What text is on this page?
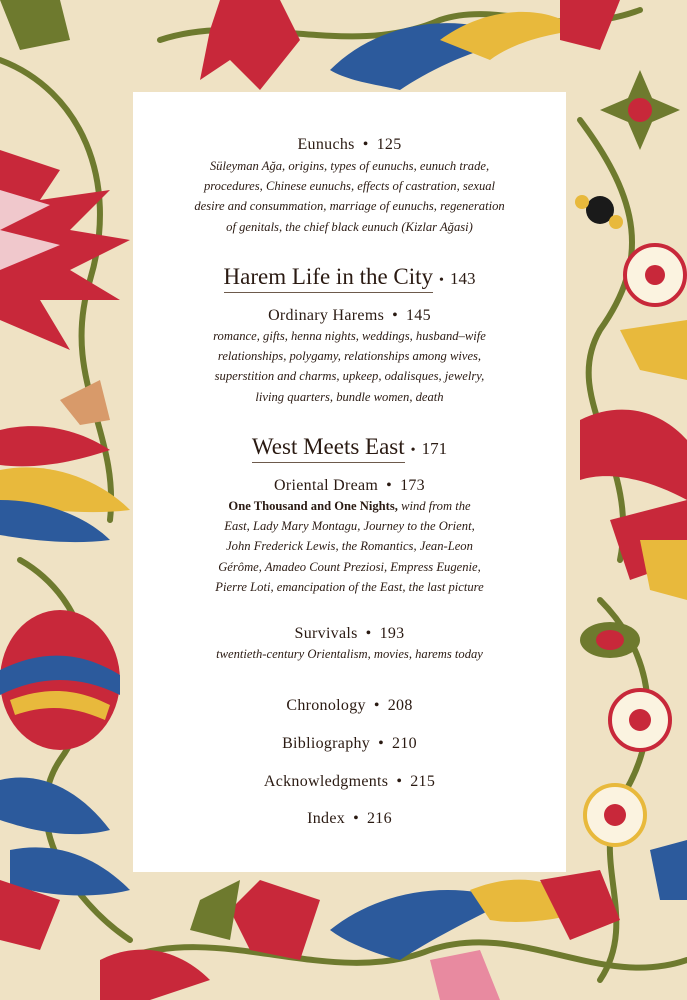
Eunuchs • 125
Süleyman Ağa, origins, types of eunuchs, eunuch trade,
procedures, Chinese eunuchs, effects of castration, sexual
desire and consummation, marriage of eunuchs, regeneration
of genitals, the chief black eunuch (Kizlar Ağasi)
Harem Life in the City • 143
Ordinary Harems • 145
romance, gifts, henna nights, weddings, husband–wife
relationships, polygamy, relationships among wives,
superstition and charms, upkeep, odalisques, jewelry,
living quarters, bundle women, death
West Meets East • 171
Oriental Dream • 173
One Thousand and One Nights, wind from the
East, Lady Mary Montagu, Journey to the Orient,
John Frederick Lewis, the Romantics, Jean-Leon
Gérôme, Amadeo Count Preziosi, Empress Eugenie,
Pierre Loti, emancipation of the East, the last picture
Survivals • 193
twentieth-century Orientalism, movies, harems today
Chronology • 208
Bibliography • 210
Acknowledgments • 215
Index • 216
